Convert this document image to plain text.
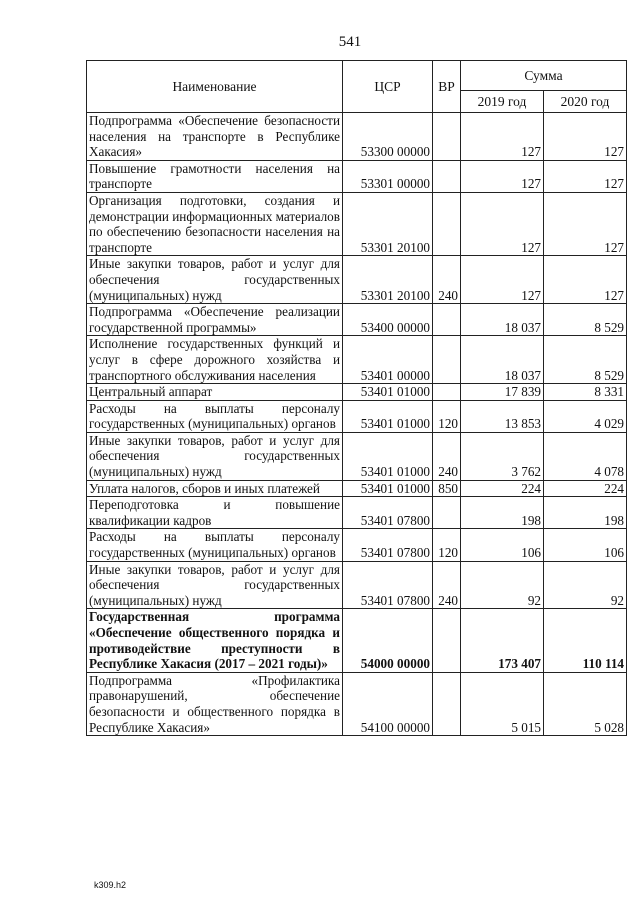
541
Наименование	ЦСР	ВР	Сумма	
			2019 год	2020 год
Подпрограмма «Обеспечение безопасности населения на транспорте в Республике Хакасия»	53300 00000		127	127
Повышение грамотности населения на транспорте	53301 00000		127	127
Организация подготовки, создания и демонстрации информационных материалов по обеспечению безопасности населения на транспорте	53301 20100		127	127
Иные закупки товаров, работ и услуг для обеспечения государственных (муниципальных) нужд	53301 20100	240	127	127
Подпрограмма «Обеспечение реализации государственной программы»	53400 00000		18 037	8 529
Исполнение государственных функций и услуг в сфере дорожного хозяйства и транспортного обслуживания населения	53401 00000		18 037	8 529
Центральный аппарат	53401 01000		17 839	8 331
Расходы на выплаты персоналу государственных (муниципальных) органов	53401 01000	120	13 853	4 029
Иные закупки товаров, работ и услуг для обеспечения государственных (муниципальных) нужд	53401 01000	240	3 762	4 078
Уплата налогов, сборов и иных платежей	53401 01000	850	224	224
Переподготовка и повышение квалификации кадров	53401 07800		198	198
Расходы на выплаты персоналу государственных (муниципальных) органов	53401 07800	120	106	106
Иные закупки товаров, работ и услуг для обеспечения государственных (муниципальных) нужд	53401 07800	240	92	92
Государственная программа «Обеспечение общественного порядка и противодействие преступности в Республике Хакасия (2017 – 2021 годы)»	54000 00000		173 407	110 114
Подпрограмма «Профилактика правонарушений, обеспечение безопасности и общественного порядка в Республике Хакасия»	54100 00000		5 015	5 028
k309.h2
